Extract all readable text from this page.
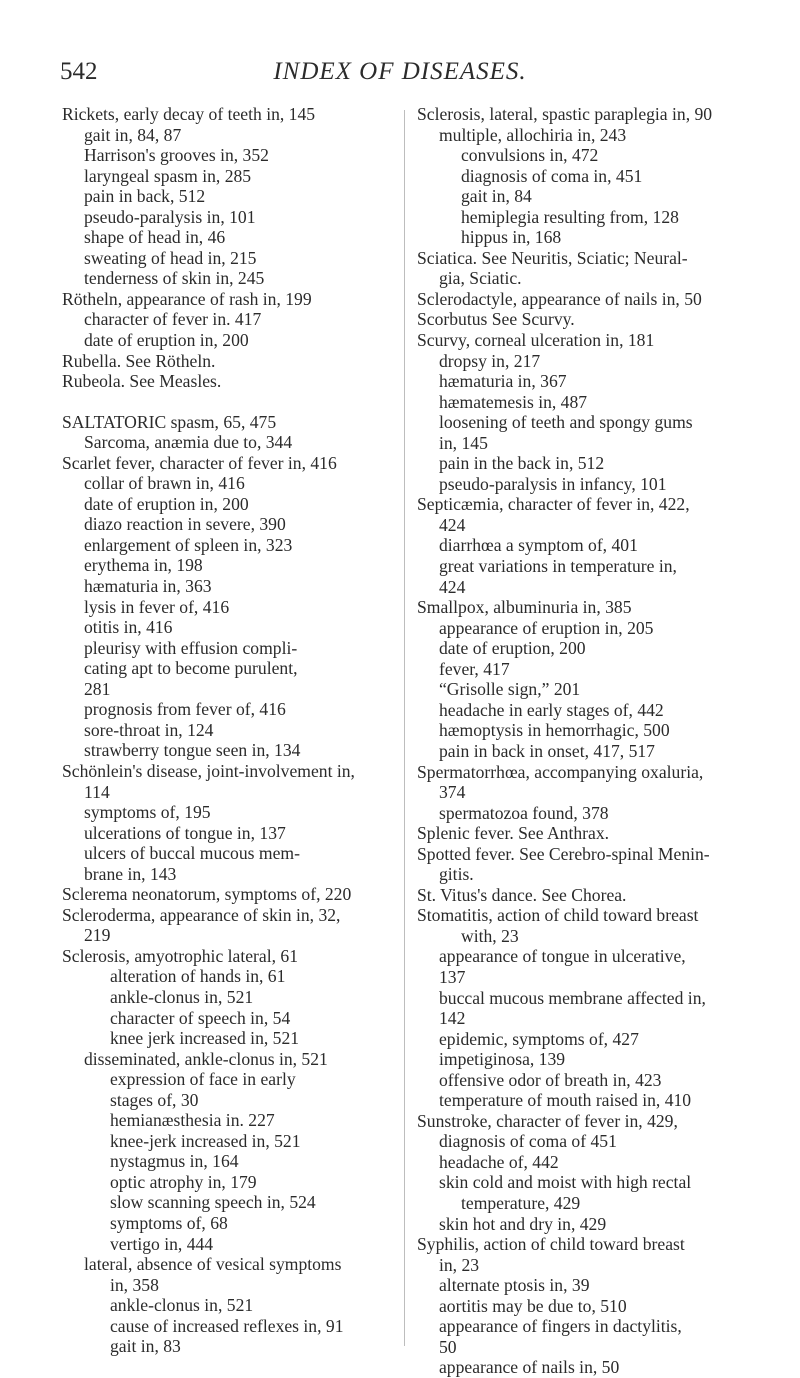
542	INDEX OF DISEASES.
Rickets, early decay of teeth in, 145
gait in, 84, 87
Harrison's grooves in, 352
laryngeal spasm in, 285
pain in back, 512
pseudo-paralysis in, 101
shape of head in, 46
sweating of head in, 215
tenderness of skin in, 245
Rötheln, appearance of rash in, 199
character of fever in. 417
date of eruption in, 200
Rubella. See Rötheln.
Rubeola. See Measles.
SALTATORIC spasm, 65, 475
Sarcoma, anæmia due to, 344
Scarlet fever, character of fever in, 416
collar of brawn in, 416
date of eruption in, 200
diazo reaction in severe, 390
enlargement of spleen in, 323
erythema in, 198
hæmaturia in, 363
lysis in fever of, 416
otitis in, 416
pleurisy with effusion compli-
cating apt to become purulent,
281
prognosis from fever of, 416
sore-throat in, 124
strawberry tongue seen in, 134
Schönlein's disease, joint-involvement in,
114
symptoms of, 195
ulcerations of tongue in, 137
ulcers of buccal mucous mem-
brane in, 143
Sclerema neonatorum, symptoms of, 220
Scleroderma, appearance of skin in, 32,
219
Sclerosis, amyotrophic lateral, 61
alteration of hands in, 61
ankle-clonus in, 521
character of speech in, 54
knee jerk increased in, 521
disseminated, ankle-clonus in, 521
expression of face in early
stages of, 30
hemianæsthesia in. 227
knee-jerk increased in, 521
nystagmus in, 164
optic atrophy in, 179
slow scanning speech in, 524
symptoms of, 68
vertigo in, 444
lateral, absence of vesical symptoms
in, 358
ankle-clonus in, 521
cause of increased reflexes in, 91
gait in, 83
Sclerosis, lateral, spastic paraplegia in, 90
multiple, allochiria in, 243
convulsions in, 472
diagnosis of coma in, 451
gait in, 84
hemiplegia resulting from, 128
hippus in, 168
Sciatica. See Neuritis, Sciatic; Neural-
gia, Sciatic.
Sclerodactyle, appearance of nails in, 50
Scorbutus See Scurvy.
Scurvy, corneal ulceration in, 181
dropsy in, 217
hæmaturia in, 367
hæmatemesis in, 487
loosening of teeth and spongy gums
in, 145
pain in the back in, 512
pseudo-paralysis in infancy, 101
Septicæmia, character of fever in, 422,
424
diarrhœa a symptom of, 401
great variations in temperature in,
424
Smallpox, albuminuria in, 385
appearance of eruption in, 205
date of eruption, 200
fever, 417
“Grisolle sign,” 201
headache in early stages of, 442
hæmoptysis in hemorrhagic, 500
pain in back in onset, 417, 517
Spermatorrhœa, accompanying oxaluria,
374
spermatozoa found, 378
Splenic fever. See Anthrax.
Spotted fever. See Cerebro-spinal Menin-
gitis.
St. Vitus's dance. See Chorea.
Stomatitis, action of child toward breast
with, 23
appearance of tongue in ulcerative,
137
buccal mucous membrane affected in,
142
epidemic, symptoms of, 427
impetiginosa, 139
offensive odor of breath in, 423
temperature of mouth raised in, 410
Sunstroke, character of fever in, 429,
diagnosis of coma of 451
headache of, 442
skin cold and moist with high rectal
temperature, 429
skin hot and dry in, 429
Syphilis, action of child toward breast
in, 23
alternate ptosis in, 39
aortitis may be due to, 510
appearance of fingers in dactylitis,
50
appearance of nails in, 50
